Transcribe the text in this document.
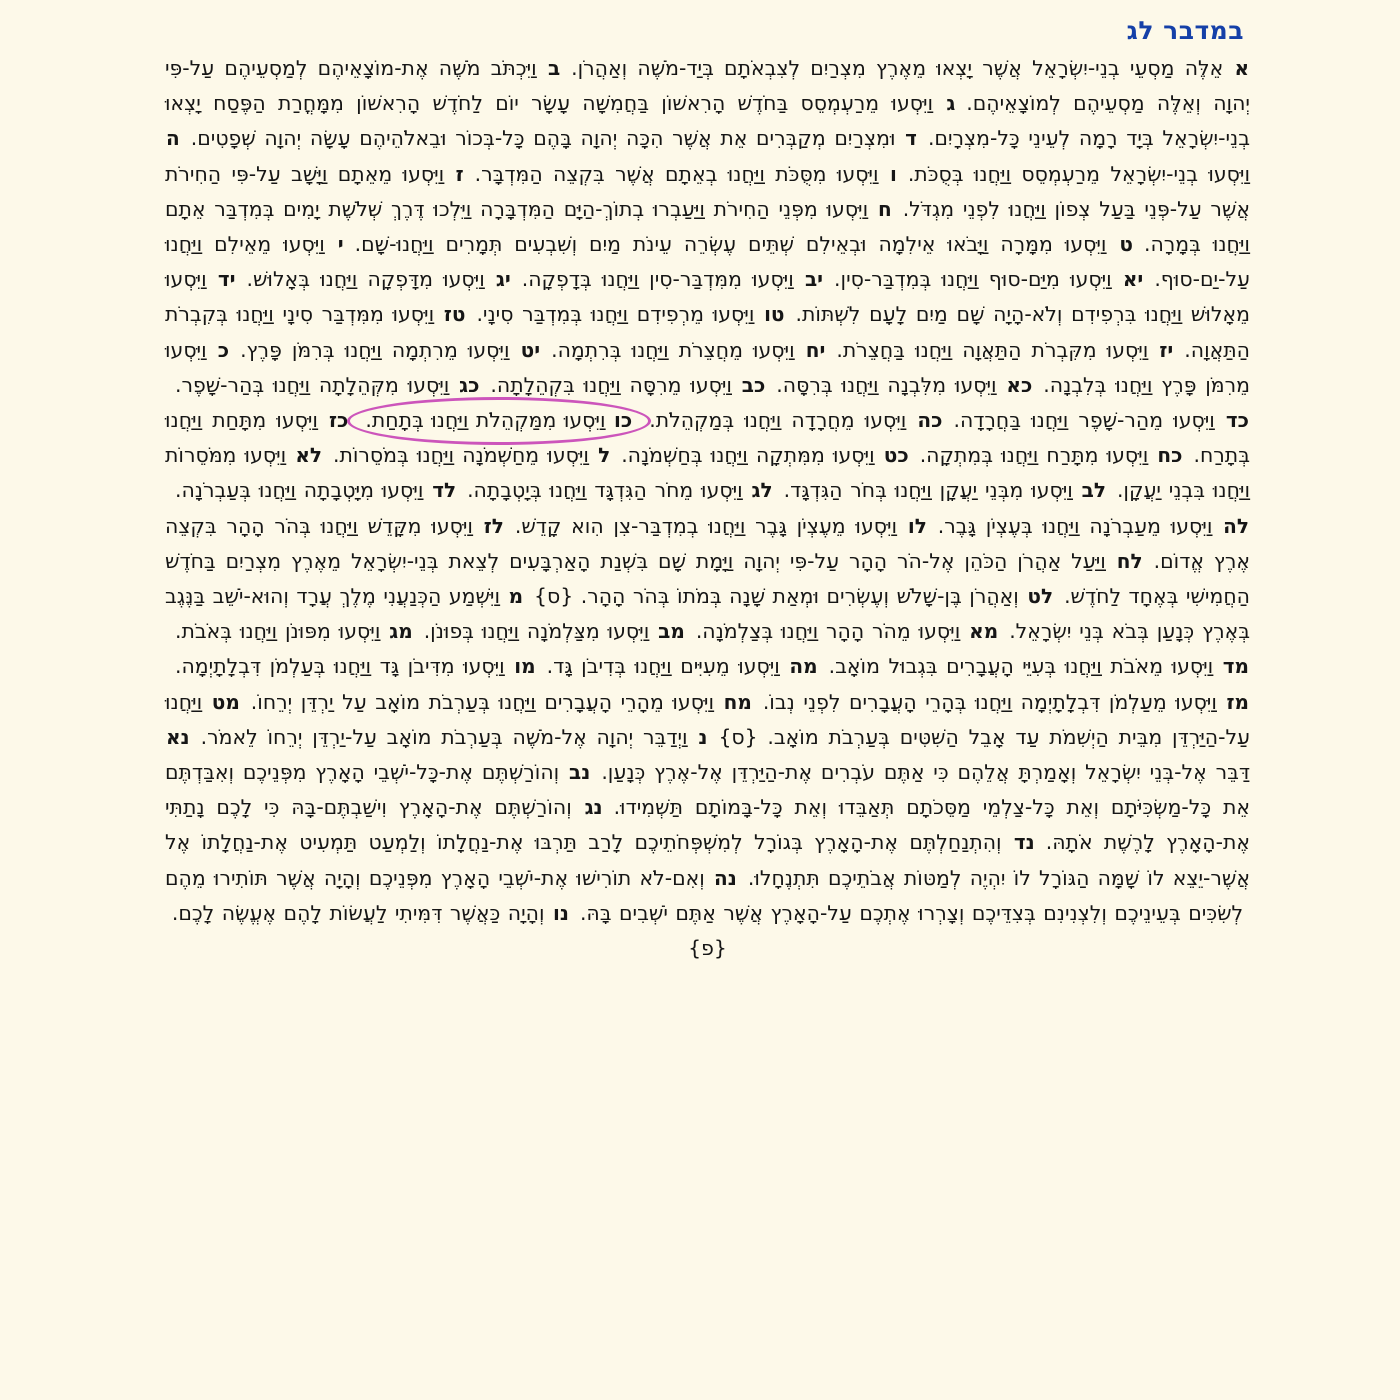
במדבר לג
א אֵלֶּה מַסְעֵי בְנֵי-יִשְׂרָאֵל אֲשֶׁר יָצְאוּ מֵאֶרֶץ מִצְרַיִם לְצִבְאֹתָם בְּיַד-מֹשֶׁה וְאַהֲרֹן.ב וַיִּכְתֹּב מֹשֶׁה אֶת-מוֹצָאֵיהֶם לְמַסְעֵיהֶם עַל-פִּי יְהוָה וְאֵלֶּה מַסְעֵיהֶם לְמוֹצָאֵיהֶם.ג וַיִּסְעוּ מֵרַעְמְסֵס בַּחֹדֶשׁ הָרִאשׁוֹן בַּחֲמִשָּׁה עָשָׂר יוֹם לַחֹדֶשׁ הָרִאשׁוֹן מִמָּחֳרַת הַפֶּסַח יָצְאוּ בְנֵי-יִשְׂרָאֵל בְּיָד רָמָה לְעֵינֵי כָּל-מִצְרָיִם.ד וּמִצְרַיִם מְקַבְּרִים אֵת אֲשֶׁר הִכָּה יְהוָה בָּהֶם כָּל-בְּכוֹר וּבֵאלֹהֵיהֶם עָשָׂה יְהוָה שְׁפָטִים.ה וַיִּסְעוּ בְנֵי-יִשְׂרָאֵל מֵרַעְמְסֵס וַיַּחֲנוּ בְּסֻכֹּת.ו וַיִּסְעוּ מִסֻּכֹּת וַיַּחֲנוּ בְאֵתָם אֲשֶׁר בִּקְצֵה הַמִּדְבָּר.ז וַיִּסְעוּ מֵאֵתָם וַיָּשָׁב עַל-פִּי הַחִירֹת אֲשֶׁר עַל-פְּנֵי בַּעַל צְפוֹן וַיַּחֲנוּ לִפְנֵי מִגְדֹּל.ח וַיִּסְעוּ מִפְּנֵי הַחִירֹת וַיַּעַבְרוּ בְתוֹךְ-הַיָּם הַמִּדְבָּרָה וַיֵּלְכוּ דֶּרֶךְ שְׁלֹשֶׁת יָמִים בְּמִדְבַּר אֵתָם וַיַּחֲנוּ בְּמָרָה.ט וַיִּסְעוּ מִמָּרָה וַיָּבֹאוּ אֵילִמָה וּבְאֵילִם שְׁתֵּים עֶשְׂרֵה עֵינֹת מַיִם וְשִׁבְעִים תְּמָרִים וַיַּחֲנוּ-שָׁם.י וַיִּסְעוּ מֵאֵילִם וַיַּחֲנוּ עַל-יַם-סוּף.יא וַיִּסְעוּ מִיַּם-סוּף וַיַּחֲנוּ בְּמִדְבַּר-סִין.יב וַיִּסְעוּ מִמִּדְבַּר-סִין וַיַּחֲנוּ בְּדָפְקָה.יג וַיִּסְעוּ מִדָּפְקָה וַיַּחֲנוּ בְּאָלוּשׁ.יד וַיִּסְעוּ מֵאָלוּשׁ וַיַּחֲנוּ בִּרְפִידִם וְלֹא-הָיָה שָׁם מַיִם לָעָם לִשְׁתּוֹת.טו וַיִּסְעוּ מֵרְפִידִם וַיַּחֲנוּ בְּמִדְבַּר סִינָי.טז וַיִּסְעוּ מִמִּדְבַּר סִינָי וַיַּחֲנוּ בְּקִבְרֹת הַתַּאֲוָה.יז וַיִּסְעוּ מִקִּבְרֹת הַתַּאֲוָה וַיַּחֲנוּ בַּחֲצֵרֹת.יח וַיִּסְעוּ מֵחֲצֵרֹת וַיַּחֲנוּ בְּרִתְמָה.יט וַיִּסְעוּ מֵרִתְמָה וַיַּחֲנוּ בְּרִמֹּן פָּרֶץ.כ וַיִּסְעוּ מֵרִמֹּן פָּרֶץ וַיַּחֲנוּ בְּלִבְנָה.כא וַיִּסְעוּ מִלִּבְנָה וַיַּחֲנוּ בְּרִסָּה.כב וַיִּסְעוּ מֵרִסָּה וַיַּחֲנוּ בִּקְהֵלָתָה.כג וַיִּסְעוּ מִקְּהֵלָתָה וַיַּחֲנוּ בְּהַר-שָׁפֶר.כד וַיִּסְעוּ מֵהַר-שָׁפֶר וַיַּחֲנוּ בַּחֲרָדָה.כה וַיִּסְעוּ מֵחֲרָדָה וַיַּחֲנוּ בְּמַקְהֵלֹת.
כו וַיִּסְעוּ מִמַּקְהֵלֹת וַיַּחֲנוּ בְּתָחַת.כז וַיִּסְעוּ מִתָּחַת וַיַּחֲנוּ בְּתָרַח.כח וַיִּסְעוּ מִתָּרַח וַיַּחֲנוּ בְּמִתְקָה.כט וַיִּסְעוּ מִמִּתְקָה וַיַּחֲנוּ בְּחַשְׁמֹנָה.ל וַיִּסְעוּ מֵחַשְׁמֹנָה וַיַּחֲנוּ בְּמֹסֵרוֹת.לא וַיִּסְעוּ מִמֹּסֵרוֹת וַיַּחֲנוּ בִּבְנֵי יַעֲקָן.לב וַיִּסְעוּ מִבְּנֵי יַעֲקָן וַיַּחֲנוּ בְּחֹר הַגִּדְגָּד.לג וַיִּסְעוּ מֵחֹר הַגִּדְגָּד וַיַּחֲנוּ בְּיָטְבָתָה.לד וַיִּסְעוּ מִיָּטְבָתָה וַיַּחֲנוּ בְּעַבְרֹנָה.לה וַיִּסְעוּ מֵעַבְרֹנָה וַיַּחֲנוּ בְּעֶצְיֹן גָּבֶר.לו וַיִּסְעוּ מֵעֶצְיֹן גָּבֶר וַיַּחֲנוּ בְמִדְבַּר-צִן הִוא קָדֵשׁ.לז וַיִּסְעוּ מִקָּדֵשׁ וַיַּחֲנוּ בְּהֹר הָהָר בִּקְצֵה אֶרֶץ אֱדוֹם.לח וַיַּעַל אַהֲרֹן הַכֹּהֵן אֶל-הֹר הָהָר עַל-פִּי יְהוָה וַיָּמָת שָׁם בִּשְׁנַת הָאַרְבָּעִים לְצֵאת בְּנֵי-יִשְׂרָאֵל מֵאֶרֶץ מִצְרַיִם בַּחֹדֶשׁ הַחֲמִישִׁי בְּאֶחָד לַחֹדֶשׁ.לט וְאַהֲרֹן בֶּן-שָׁלֹשׁ וְעֶשְׂרִים וּמְאַת שָׁנָה בְּמֹתוֹ בְּהֹר הָהָר. {ס}מ וַיִּשְׁמַע הַכְּנַעֲנִי מֶלֶךְ עֲרָד וְהוּא-יֹשֵׁב בַּנֶּגֶב בְּאֶרֶץ כְּנָעַן בְּבֹא בְּנֵי יִשְׂרָאֵל.מא וַיִּסְעוּ מֵהֹר הָהָר וַיַּחֲנוּ בְּצַלְמֹנָה.מב וַיִּסְעוּ מִצַּלְמֹנָה וַיַּחֲנוּ בְּפוּנֹן.מג וַיִּסְעוּ מִפּוּנֹן וַיַּחֲנוּ בְּאֹבֹת.מד וַיִּסְעוּ מֵאֹבֹת וַיַּחֲנוּ בְּעִיֵּי הָעֲבָרִים בִּגְבוּל מוֹאָב.מה וַיִּסְעוּ מֵעִיִּים וַיַּחֲנוּ בְּדִיבֹן גָּד.מו וַיִּסְעוּ מִדִּיבֹן גָּד וַיַּחֲנוּ בְּעַלְמֹן דִּבְלָתָיְמָה.מז וַיִּסְעוּ מֵעַלְמֹן דִּבְלָתָיְמָה וַיַּחֲנוּ בְּהָרֵי הָעֲבָרִים לִפְנֵי נְבוֹ.מח וַיִּסְעוּ מֵהָרֵי הָעֲבָרִים וַיַּחֲנוּ בְּעַרְבֹת מוֹאָב עַל יַרְדֵּן יְרֵחוֹ.מט וַיַּחֲנוּ עַל-הַיַּרְדֵּן מִבֵּית הַיְשִׁמֹת עַד אָבֵל הַשִּׁטִּים בְּעַרְבֹת מוֹאָב. {ס}נ וַיְדַבֵּר יְהוָה אֶל-מֹשֶׁה בְּעַרְבֹת מוֹאָב עַל-יַרְדֵּן יְרֵחוֹ לֵאמֹר.נא דַּבֵּר אֶל-בְּנֵי יִשְׂרָאֵל וְאָמַרְתָּ אֲלֵהֶם כִּי אַתֶּם עֹבְרִים אֶת-הַיַּרְדֵּן אֶל-אֶרֶץ כְּנָעַן.נב וְהוֹרַשְׁתֶּם אֶת-כָּל-יֹשְׁבֵי הָאָרֶץ מִפְּנֵיכֶם וְאִבַּדְתֶּם אֵת כָּל-מַשְׂכִּיֹּתָם וְאֵת כָּל-צַלְמֵי מַסֵּכֹתָם תְּאַבֵּדוּ וְאֵת כָּל-בָּמוֹתָם תַּשְׁמִידוּ.נג וְהוֹרַשְׁתֶּם אֶת-הָאָרֶץ וִישַׁבְתֶּם-בָּהּ כִּי לָכֶם נָתַתִּי אֶת-הָאָרֶץ לָרֶשֶׁת אֹתָהּ.נד וְהִתְנַחַלְתֶּם אֶת-הָאָרֶץ בְּגוֹרָל לְמִשְׁפְּחֹתֵיכֶם לָרַב תַּרְבּוּ אֶת-נַחֲלָתוֹ וְלַמְעַט תַּמְעִיט אֶת-נַחֲלָתוֹ אֶל אֲשֶׁר-יֵצֵא לוֹ שָׁמָּה הַגּוֹרָל לוֹ יִהְיֶה לְמַטּוֹת אֲבֹתֵיכֶם תִּתְנֶחָלוּ.נה וְאִם-לֹא תוֹרִישׁוּ אֶת-יֹשְׁבֵי הָאָרֶץ מִפְּנֵיכֶם וְהָיָה אֲשֶׁר תּוֹתִירוּ מֵהֶם לְשִׂכִּים בְּעֵינֵיכֶם וְלִצְנִינִם בְּצִדֵּיכֶם וְצָרְרוּ אֶתְכֶם עַל-הָאָרֶץ אֲשֶׁר אַתֶּם יֹשְׁבִים בָּהּ.נו וְהָיָה כַּאֲשֶׁר דִּמִּיתִי לַעֲשׂוֹת לָהֶם אֶעֱשֶׂה לָכֶם.
{פ}
